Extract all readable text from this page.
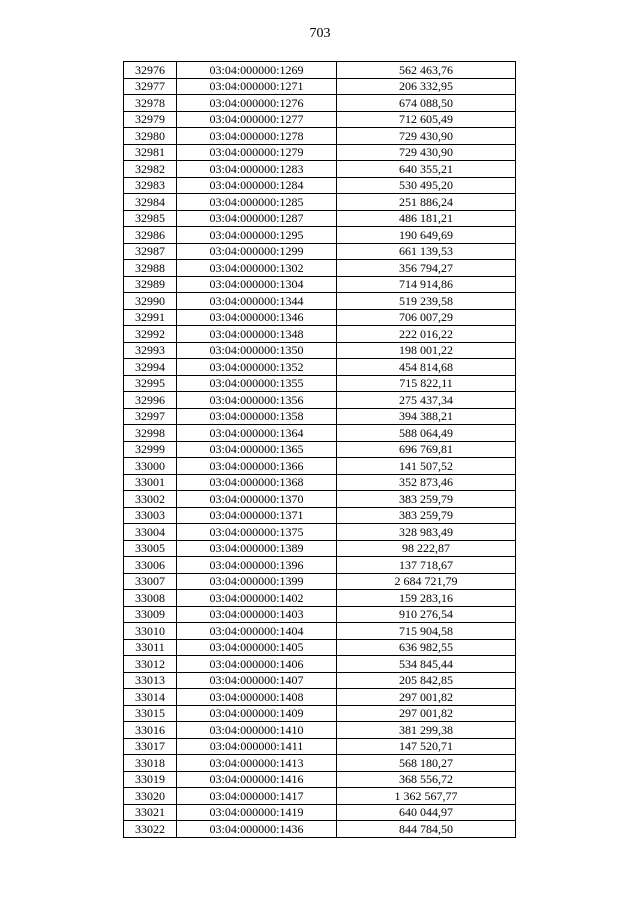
703
32976	03:04:000000:1269	562 463,76
32977	03:04:000000:1271	206 332,95
32978	03:04:000000:1276	674 088,50
32979	03:04:000000:1277	712 605,49
32980	03:04:000000:1278	729 430,90
32981	03:04:000000:1279	729 430,90
32982	03:04:000000:1283	640 355,21
32983	03:04:000000:1284	530 495,20
32984	03:04:000000:1285	251 886,24
32985	03:04:000000:1287	486 181,21
32986	03:04:000000:1295	190 649,69
32987	03:04:000000:1299	661 139,53
32988	03:04:000000:1302	356 794,27
32989	03:04:000000:1304	714 914,86
32990	03:04:000000:1344	519 239,58
32991	03:04:000000:1346	706 007,29
32992	03:04:000000:1348	222 016,22
32993	03:04:000000:1350	198 001,22
32994	03:04:000000:1352	454 814,68
32995	03:04:000000:1355	715 822,11
32996	03:04:000000:1356	275 437,34
32997	03:04:000000:1358	394 388,21
32998	03:04:000000:1364	588 064,49
32999	03:04:000000:1365	696 769,81
33000	03:04:000000:1366	141 507,52
33001	03:04:000000:1368	352 873,46
33002	03:04:000000:1370	383 259,79
33003	03:04:000000:1371	383 259,79
33004	03:04:000000:1375	328 983,49
33005	03:04:000000:1389	98 222,87
33006	03:04:000000:1396	137 718,67
33007	03:04:000000:1399	2 684 721,79
33008	03:04:000000:1402	159 283,16
33009	03:04:000000:1403	910 276,54
33010	03:04:000000:1404	715 904,58
33011	03:04:000000:1405	636 982,55
33012	03:04:000000:1406	534 845,44
33013	03:04:000000:1407	205 842,85
33014	03:04:000000:1408	297 001,82
33015	03:04:000000:1409	297 001,82
33016	03:04:000000:1410	381 299,38
33017	03:04:000000:1411	147 520,71
33018	03:04:000000:1413	568 180,27
33019	03:04:000000:1416	368 556,72
33020	03:04:000000:1417	1 362 567,77
33021	03:04:000000:1419	640 044,97
33022	03:04:000000:1436	844 784,50
